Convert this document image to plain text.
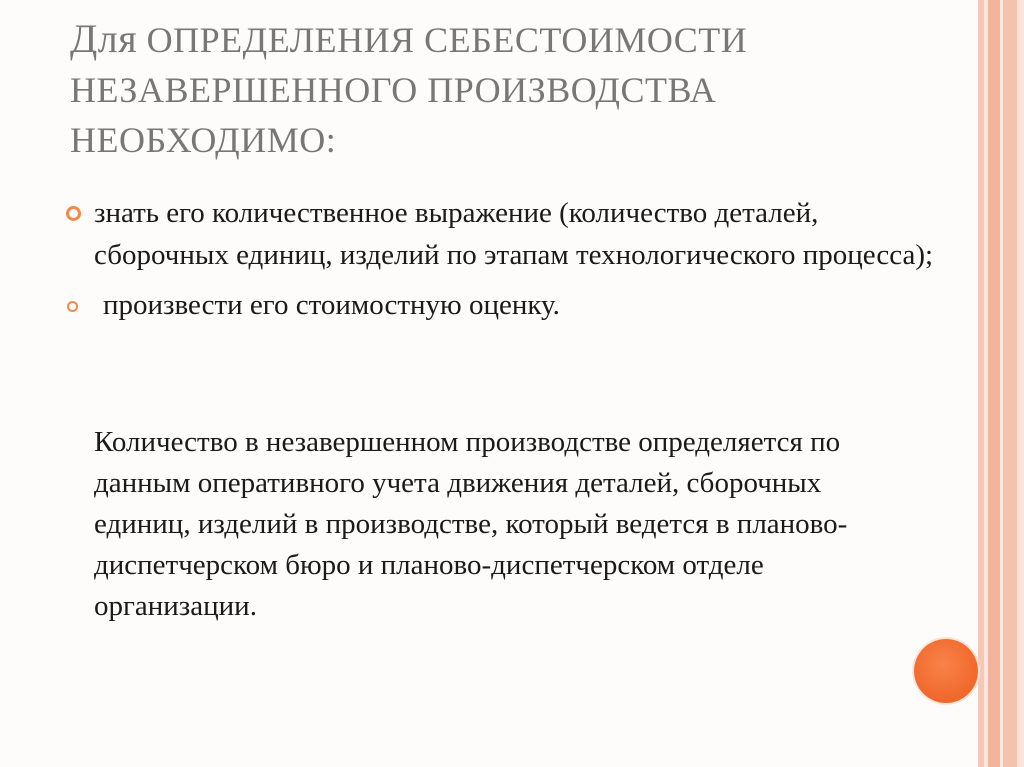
Для ОПРЕДЕЛЕНИЯ СЕБЕСТОИМОСТИ НЕЗАВЕРШЕННОГО ПРОИЗВОДСТВА НЕОБХОДИМО:
знать его количественное выражение (количество деталей, сборочных единиц, изделий по этапам технологического процесса);
произвести его стоимостную оценку.
Количество в незавершенном производстве определяется по данным оперативного учета движения деталей, сборочных единиц, изделий в производстве, который ведется в планово-диспетчерском бюро и планово-диспетчерском отделе организации.
